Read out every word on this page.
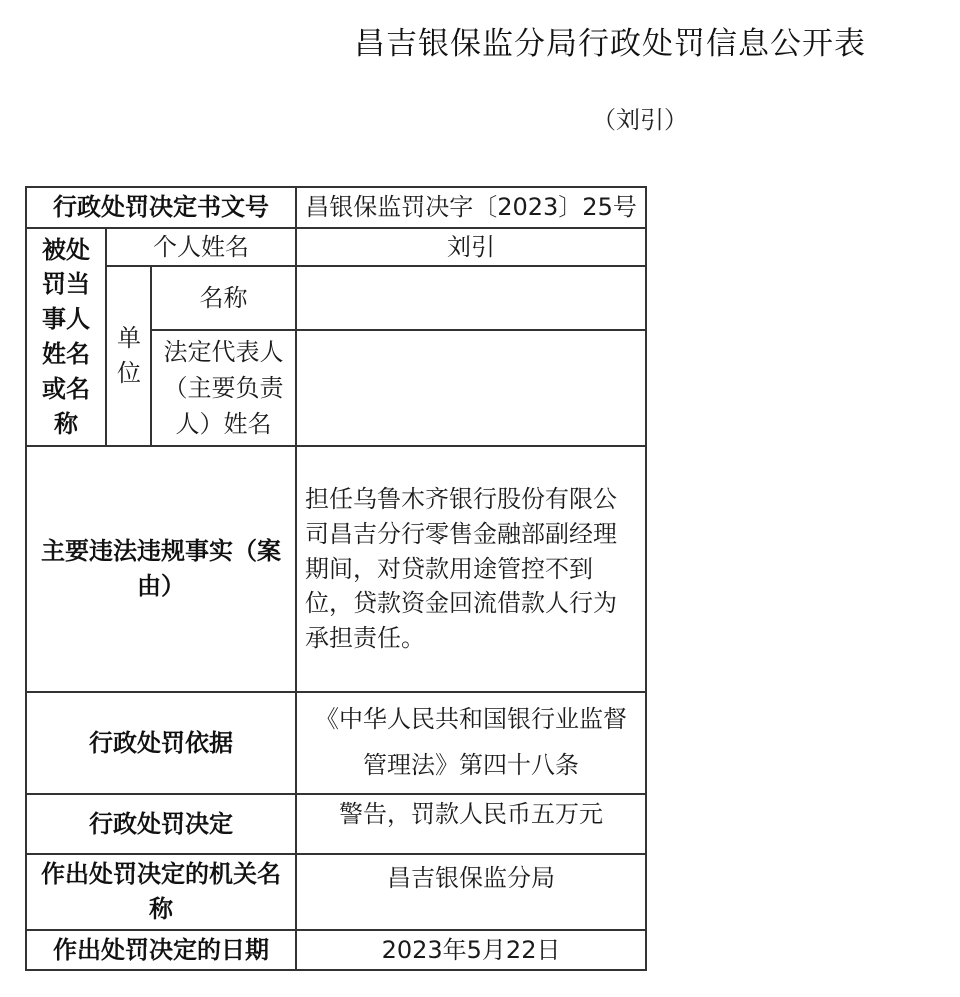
昌吉银保监分局行政处罚信息公开表
（刘引）
行政处罚决定书文号			昌银保监罚决字〔2023〕25号
被处罚当事人姓名或名称	个人姓名		刘引
	单位	名称	
		法定代表人（主要负责人）姓名	
主要违法违规事实（案由）			担任乌鲁木齐银行股份有限公司昌吉分行零售金融部副经理期间，对贷款用途管控不到位，贷款资金回流借款人行为承担责任。
行政处罚依据			《中华人民共和国银行业监督管理法》第四十八条
行政处罚决定			警告，罚款人民币五万元
作出处罚决定的机关名称			昌吉银保监分局
作出处罚决定的日期			2023年5月22日
